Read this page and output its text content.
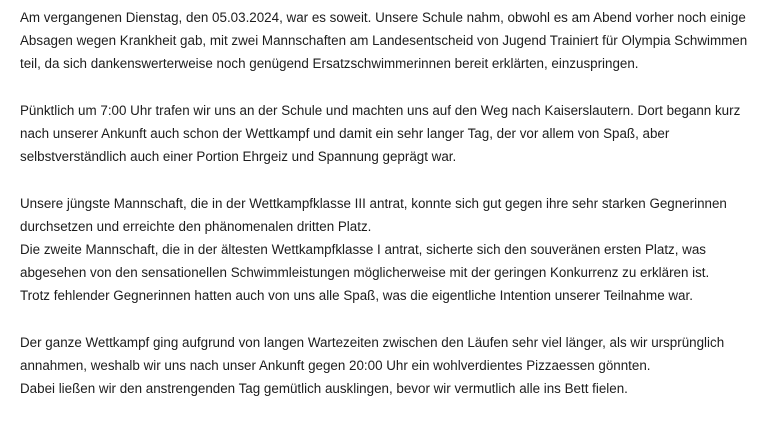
Am vergangenen Dienstag, den 05.03.2024, war es soweit. Unsere Schule nahm, obwohl es am Abend vorher noch einige
Absagen wegen Krankheit gab, mit zwei Mannschaften am Landesentscheid von Jugend Trainiert für Olympia Schwimmen
teil, da sich dankenswerterweise noch genügend Ersatzschwimmerinnen bereit erklärten, einzuspringen.

Pünktlich um 7:00 Uhr trafen wir uns an der Schule und machten uns auf den Weg nach Kaiserslautern. Dort begann kurz
nach unserer Ankunft auch schon der Wettkampf und damit ein sehr langer Tag, der vor allem von Spaß, aber
selbstverständlich auch einer Portion Ehrgeiz und Spannung geprägt war.

Unsere jüngste Mannschaft, die in der Wettkampfklasse III antrat, konnte sich gut gegen ihre sehr starken Gegnerinnen
durchsetzen und erreichte den phänomenalen dritten Platz.
Die zweite Mannschaft, die in der ältesten Wettkampfklasse I antrat, sicherte sich den souveränen ersten Platz, was
abgesehen von den sensationellen Schwimmleistungen möglicherweise mit der geringen Konkurrenz zu erklären ist.
Trotz fehlender Gegnerinnen hatten auch von uns alle Spaß, was die eigentliche Intention unserer Teilnahme war.

Der ganze Wettkampf ging aufgrund von langen Wartezeiten zwischen den Läufen sehr viel länger, als wir ursprünglich
annahmen, weshalb wir uns nach unser Ankunft gegen 20:00 Uhr ein wohlverdientes Pizzaessen gönnten.
Dabei ließen wir den anstrengenden Tag gemütlich ausklingen, bevor wir vermutlich alle ins Bett fielen.
